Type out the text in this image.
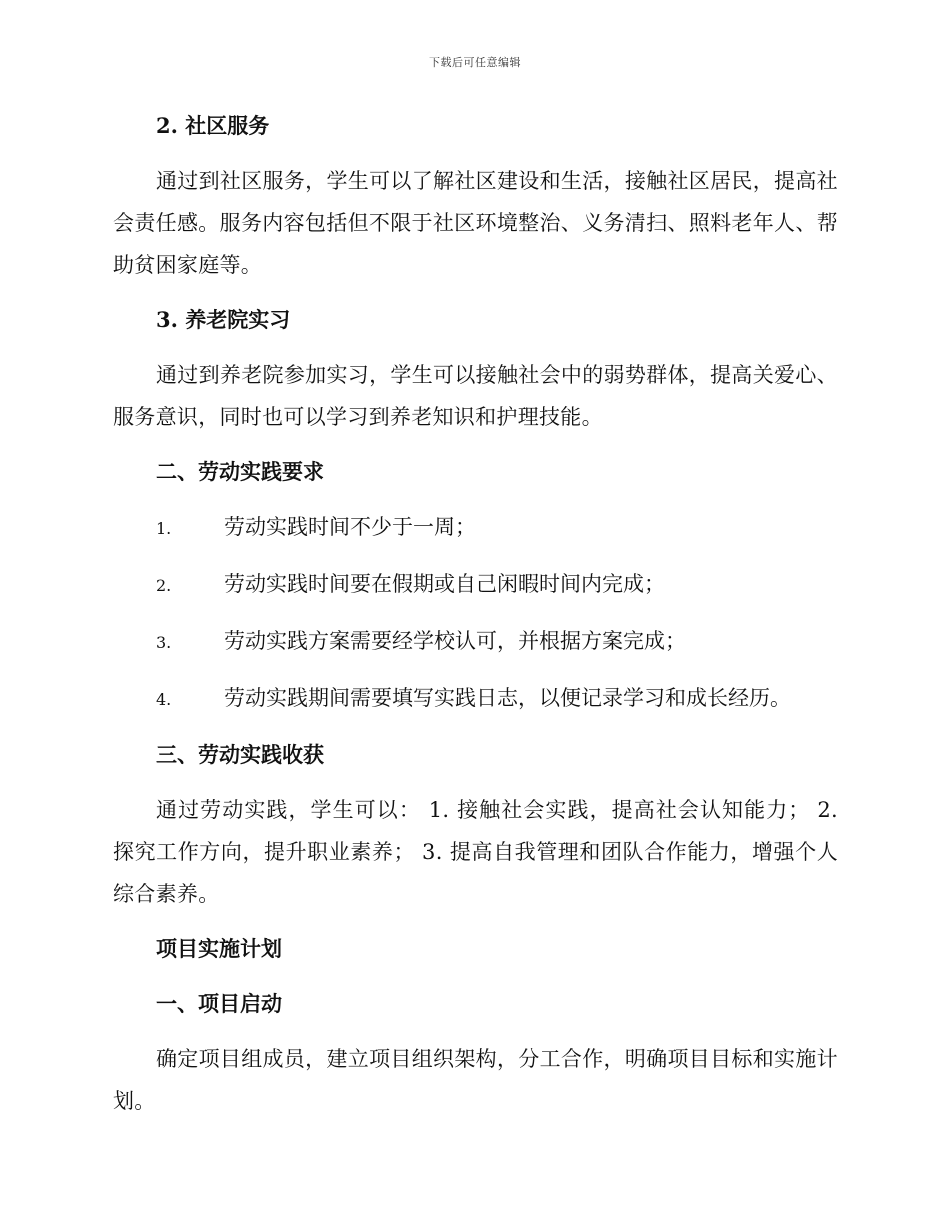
下载后可任意编辑

2. 社区服务

通过到社区服务，学生可以了解社区建设和生活，接触社区居民，提高社会责任感。服务内容包括但不限于社区环境整治、义务清扫、照料老年人、帮助贫困家庭等。

3. 养老院实习

通过到养老院参加实习，学生可以接触社会中的弱势群体，提高关爱心、服务意识，同时也可以学习到养老知识和护理技能。

二、劳动实践要求

1.	劳动实践时间不少于一周；

2.	劳动实践时间要在假期或自己闲暇时间内完成；

3.	劳动实践方案需要经学校认可，并根据方案完成；

4.	劳动实践期间需要填写实践日志，以便记录学习和成长经历。

三、劳动实践收获

通过劳动实践，学生可以： 1. 接触社会实践，提高社会认知能力； 2. 探究工作方向，提升职业素养； 3. 提高自我管理和团队合作能力，增强个人综合素养。

项目实施计划

一、项目启动

确定项目组成员，建立项目组织架构，分工合作，明确项目目标和实施计划。
